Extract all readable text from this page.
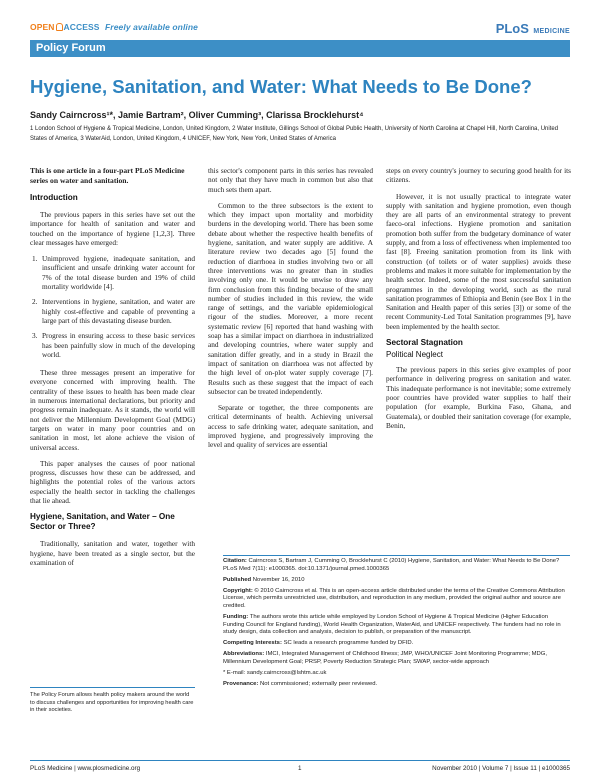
OPEN ACCESS Freely available online	PLoS MEDICINE
Policy Forum
Hygiene, Sanitation, and Water: What Needs to Be Done?
Sandy Cairncross¹*, Jamie Bartram², Oliver Cumming³, Clarissa Brocklehurst⁴
1 London School of Hygiene & Tropical Medicine, London, United Kingdom, 2 Water Institute, Gillings School of Global Public Health, University of North Carolina at Chapel Hill, North Carolina, United States of America, 3 WaterAid, London, United Kingdom, 4 UNICEF, New York, New York, United States of America
This is one article in a four-part PLoS Medicine series on water and sanitation.
Introduction

The previous papers in this series have set out the importance for health of sanitation and water and touched on the importance of hygiene [1,2,3]. Three clear messages have emerged:

1. Unimproved hygiene, inadequate sanitation, and insufficient and unsafe drinking water account for 7% of the total disease burden and 19% of child mortality worldwide [4].
2. Interventions in hygiene, sanitation, and water are highly cost-effective and capable of preventing a large part of this devastating disease burden.
3. Progress in ensuring access to these basic services has been painfully slow in much of the developing world.

These three messages present an imperative for everyone concerned with improving health. The centrality of these issues to health has been made clear in numerous international declarations, but priority and progress remain inadequate. As it stands, the world will not deliver the Millennium Development Goal (MDG) targets on water in many poor countries and on sanitation in most, let alone achieve the vision of universal access.

This paper analyses the causes of poor national progress, discusses how these can be addressed, and highlights the potential roles of the various actors especially the health sector in tackling the challenges that lie ahead.

Hygiene, Sanitation, and Water – One Sector or Three?

Traditionally, sanitation and water, together with hygiene, have been treated as a single sector, but the examination of

The Policy Forum allows health policy makers around the world to discuss challenges and opportunities for improving health care in their societies.

this sector's component parts in this series has revealed not only that they have much in common but also that much sets them apart.

Common to the three subsectors is the extent to which they impact upon mortality and morbidity burdens in the developing world. There has been some debate about whether the respective health benefits of hygiene, sanitation, and water supply are additive. A literature review two decades ago [5] found the reduction of diarrhoea in studies involving two or all three interventions was no greater than in studies involving only one. It would be unwise to draw any firm conclusion from this finding because of the small number of studies included in this review, the wide range of settings, and the variable epidemiological rigour of the studies. Moreover, a more recent systematic review [6] reported that hand washing with soap has a similar impact on diarrhoea in industrialized and developing countries, where water supply and sanitation differ greatly, and in a study in Brazil the impact of sanitation on diarrhoea was not affected by the high level of on-plot water supply coverage [7]. Results such as these suggest that the impact of each subsector can be treated independently.

Separate or together, the three components are critical determinants of health. Achieving universal access to safe drinking water, adequate sanitation, and improved hygiene, and progressively improving the level and quality of services are essential

steps on every country's journey to securing good health for its citizens.

However, it is not usually practical to integrate water supply with sanitation and hygiene promotion, even though they are all parts of an environmental strategy to prevent faeco-oral infections. Hygiene promotion and sanitation promotion both suffer from the budgetary dominance of water supply, and from a loss of effectiveness when implemented too fast [8]. Freeing sanitation promotion from its link with construction (of toilets or of water supplies) avoids these problems and makes it more suitable for implementation by the health sector. Indeed, some of the most successful sanitation programmes in the developing world, such as the rural sanitation programmes of Ethiopia and Benin (see Box 1 in the Sanitation and Health paper of this series [3]) or some of the recent Community-Led Total Sanitation programmes [9], have been implemented by the health sector.

Sectoral Stagnation
Political Neglect

The previous papers in this series give examples of poor performance in delivering progress on sanitation and water. This inadequate performance is not inevitable; some extremely poor countries have provided water supplies to half their population (for example, Burkina Faso, Ghana, and Guatemala), or doubled their sanitation coverage (for example, Benin,

Citation: Cairncross S, Bartram J, Cumming O, Brocklehurst C (2010) Hygiene, Sanitation, and Water: What Needs to Be Done? PLoS Med 7(11): e1000365. doi:10.1371/journal.pmed.1000365
Published November 16, 2010
Copyright: © 2010 Cairncross et al. This is an open-access article distributed under the terms of the Creative Commons Attribution License, which permits unrestricted use, distribution, and reproduction in any medium, provided the original author and source are credited.
Funding: The authors wrote this article while employed by London School of Hygiene & Tropical Medicine (Higher Education Funding Council for England funding), World Health Organization, WaterAid, and UNICEF respectively. The funders had no role in study design, data collection and analysis, decision to publish, or preparation of the manuscript.
Competing Interests: SC leads a research programme funded by DFID.
Abbreviations: IMCI, Integrated Management of Childhood Illness; JMP, WHO/UNICEF Joint Monitoring Programme; MDG, Millennium Development Goal; PRSP, Poverty Reduction Strategic Plan; SWAP, sector-wide approach
* E-mail: sandy.cairncross@lshtm.ac.uk
Provenance: Not commissioned; externally peer reviewed.
PLoS Medicine | www.plosmedicine.org	1	November 2010 | Volume 7 | Issue 11 | e1000365
